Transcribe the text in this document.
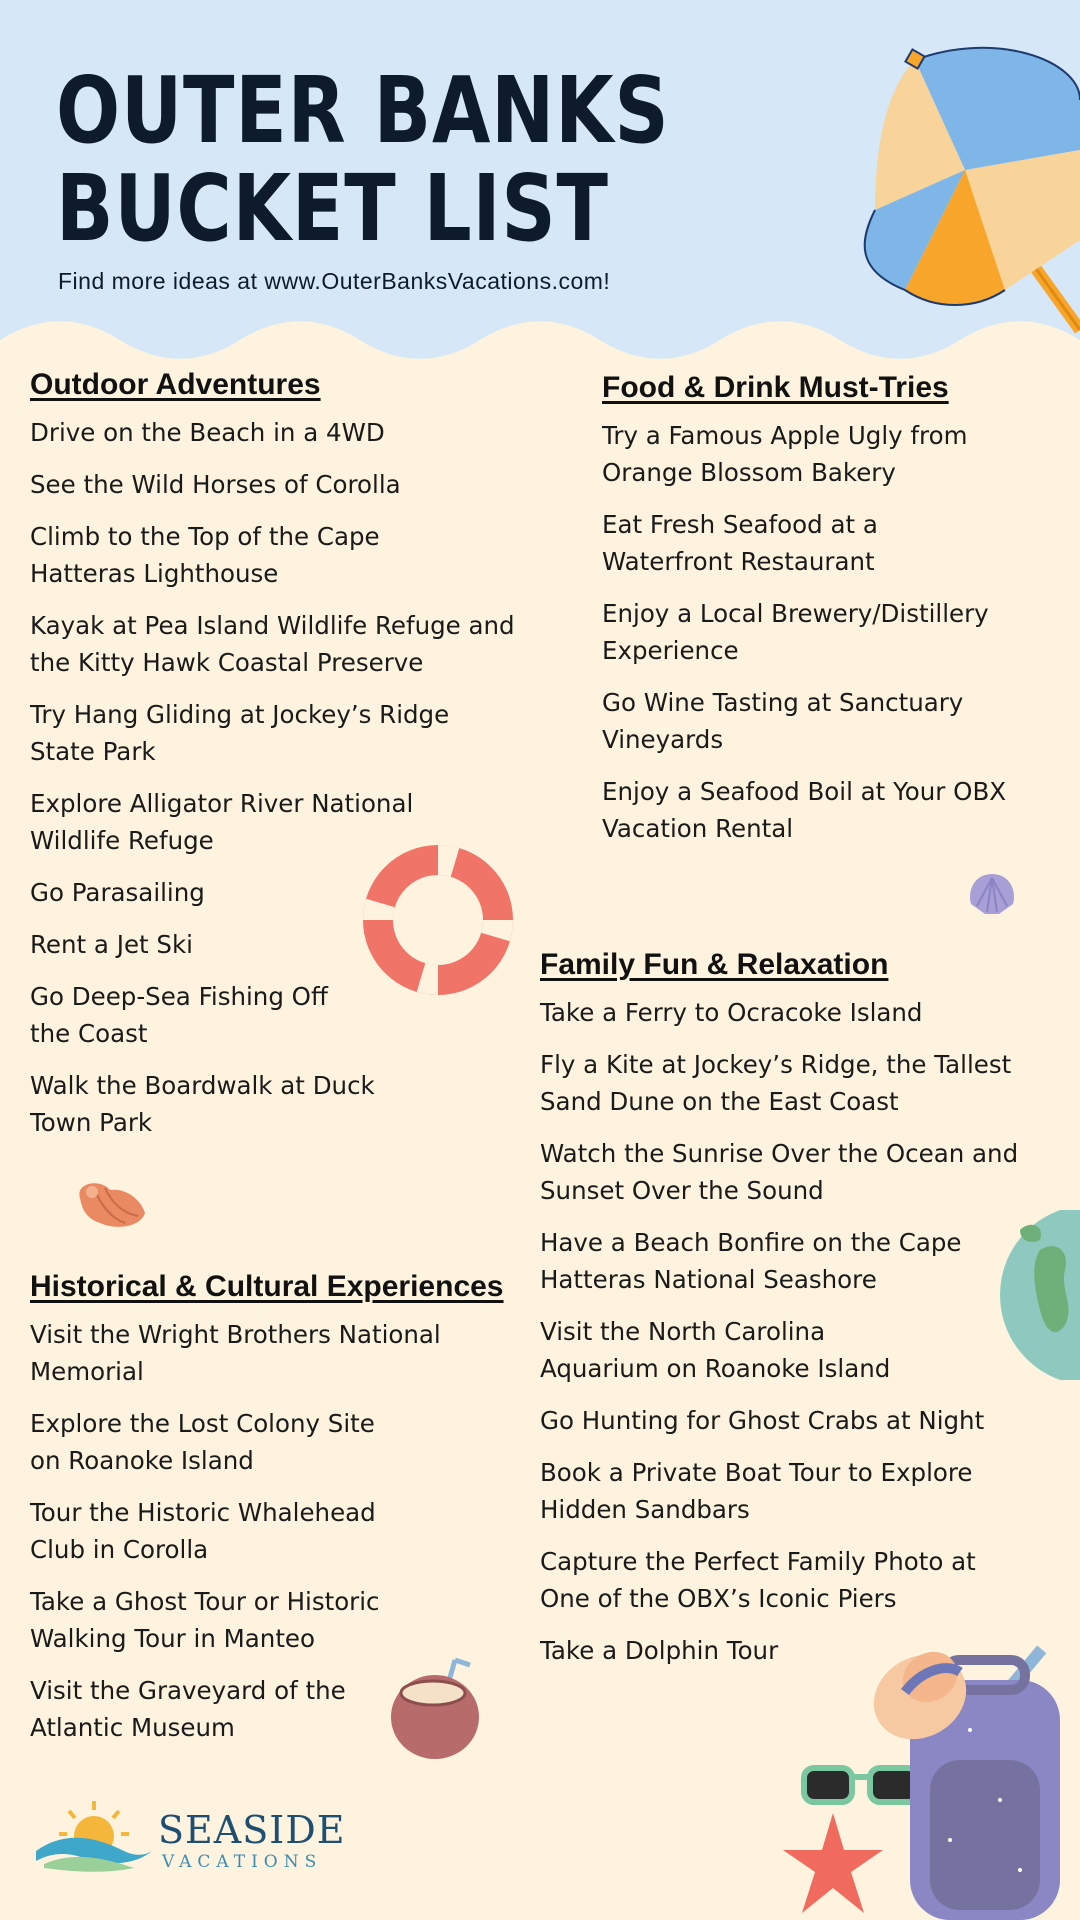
OUTER BANKS
BUCKET LIST

Find more ideas at www.OuterBanksVacations.com!

Outdoor Adventures
Drive on the Beach in a 4WD
See the Wild Horses of Corolla
Climb to the Top of the Cape Hatteras Lighthouse
Kayak at Pea Island Wildlife Refuge and the Kitty Hawk Coastal Preserve
Try Hang Gliding at Jockey’s Ridge State Park
Explore Alligator River National Wildlife Refuge
Go Parasailing
Rent a Jet Ski
Go Deep-Sea Fishing Off the Coast
Walk the Boardwalk at Duck Town Park
Food & Drink Must-Tries
Try a Famous Apple Ugly from Orange Blossom Bakery
Eat Fresh Seafood at a Waterfront Restaurant
Enjoy a Local Brewery/Distillery Experience
Go Wine Tasting at Sanctuary Vineyards
Enjoy a Seafood Boil at Your OBX Vacation Rental
Family Fun & Relaxation
Take a Ferry to Ocracoke Island
Fly a Kite at Jockey’s Ridge, the Tallest Sand Dune on the East Coast
Watch the Sunrise Over the Ocean and Sunset Over the Sound
Have a Beach Bonfire on the Cape Hatteras National Seashore
Visit the North Carolina Aquarium on Roanoke Island
Go Hunting for Ghost Crabs at Night
Book a Private Boat Tour to Explore Hidden Sandbars
Capture the Perfect Family Photo at One of the OBX’s Iconic Piers
Take a Dolphin Tour
Historical & Cultural Experiences
Visit the Wright Brothers National Memorial
Explore the Lost Colony Site on Roanoke Island
Tour the Historic Whalehead Club in Corolla
Take a Ghost Tour or Historic Walking Tour in Manteo
Visit the Graveyard of the Atlantic Museum
SEASIDE
VACATIONS
